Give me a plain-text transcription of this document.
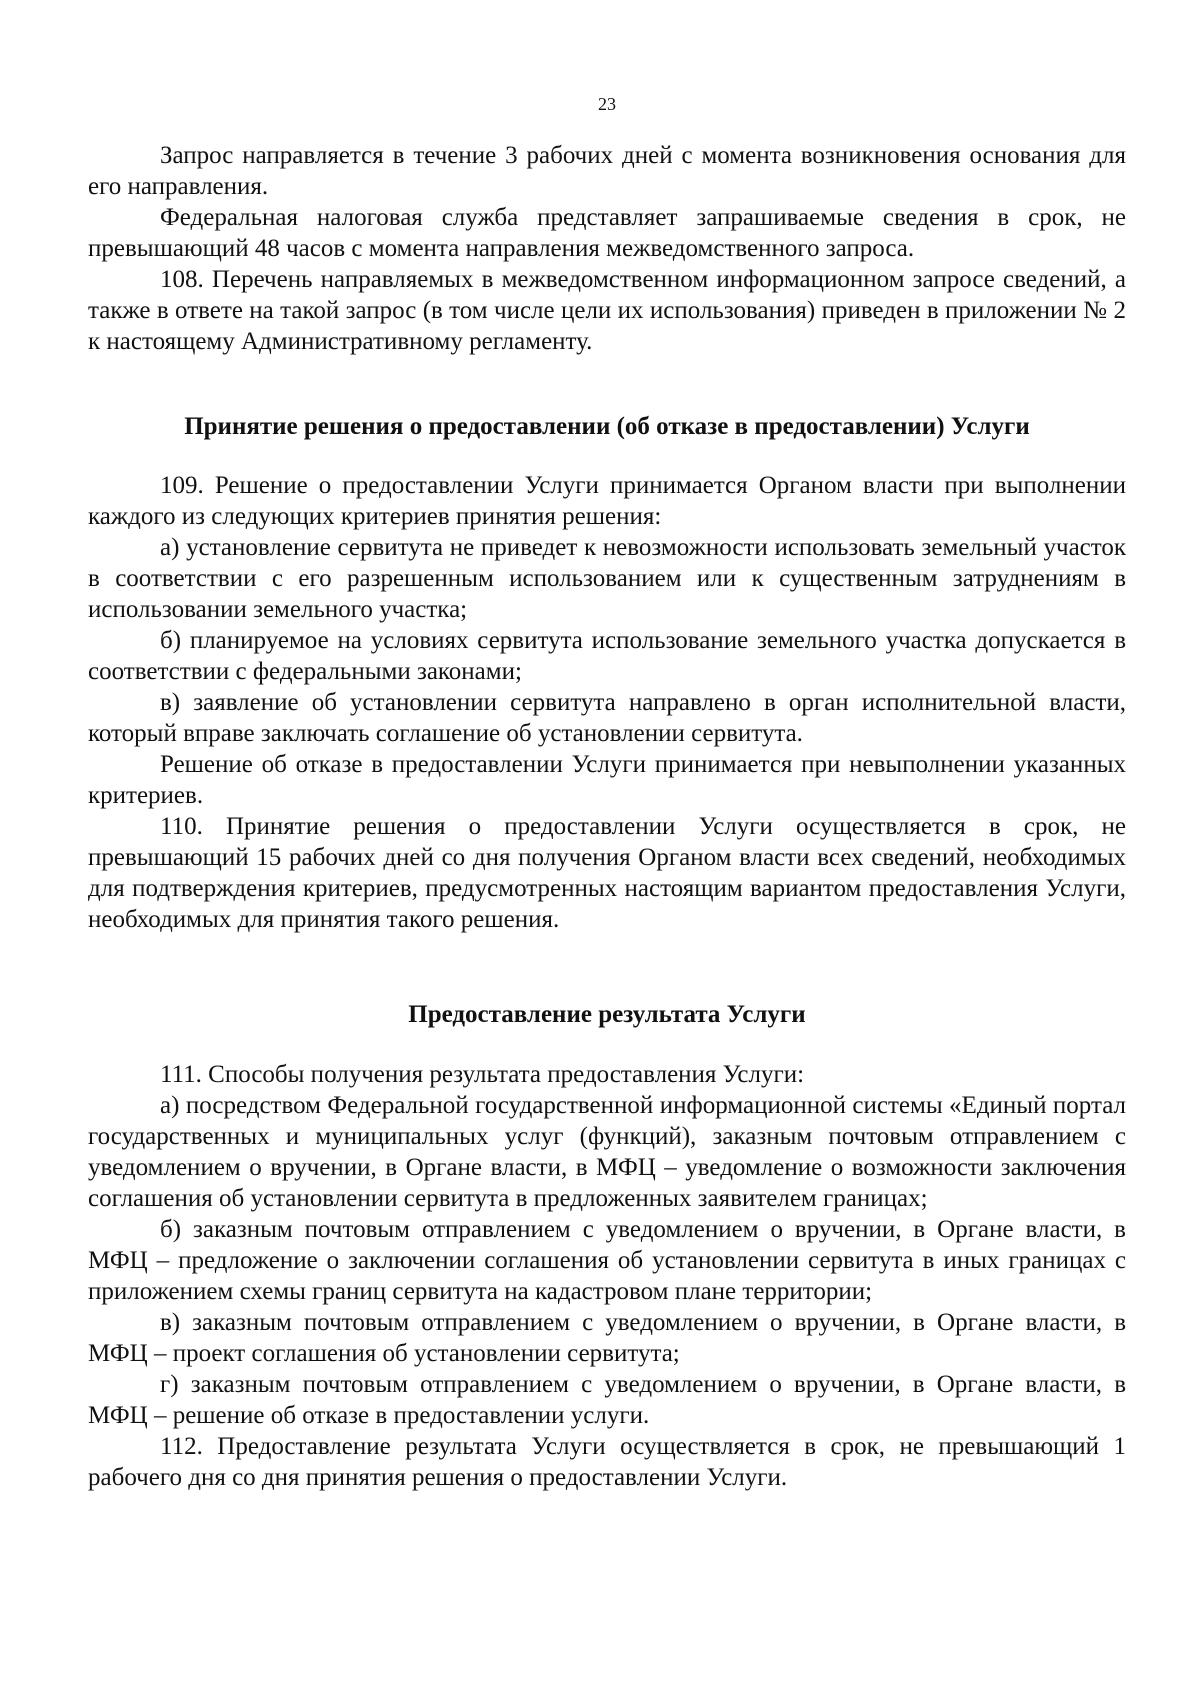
23

Запрос направляется в течение 3 рабочих дней с момента возникновения основания для его направления.

Федеральная налоговая служба представляет запрашиваемые сведения в срок, не превышающий 48 часов с момента направления межведомственного запроса.

108. Перечень направляемых в межведомственном информационном запросе сведений, а также в ответе на такой запрос (в том числе цели их использования) приведен в приложении № 2 к настоящему Административному регламенту.

Принятие решения о предоставлении (об отказе в предоставлении) Услуги

109. Решение о предоставлении Услуги принимается Органом власти при выполнении каждого из следующих критериев принятия решения:

а) установление сервитута не приведет к невозможности использовать земельный участок в соответствии с его разрешенным использованием или к существенным затруднениям в использовании земельного участка;

б) планируемое на условиях сервитута использование земельного участка допускается в соответствии с федеральными законами;

в) заявление об установлении сервитута направлено в орган исполнительной власти, который вправе заключать соглашение об установлении сервитута.

Решение об отказе в предоставлении Услуги принимается при невыполнении указанных критериев.

110. Принятие решения о предоставлении Услуги осуществляется в срок, не превышающий 15 рабочих дней со дня получения Органом власти всех сведений, необходимых для подтверждения критериев, предусмотренных настоящим вариантом предоставления Услуги, необходимых для принятия такого решения.

Предоставление результата Услуги

111. Способы получения результата предоставления Услуги:

а) посредством Федеральной государственной информационной системы «Единый портал государственных и муниципальных услуг (функций), заказным почтовым отправлением с уведомлением о вручении, в Органе власти, в МФЦ – уведомление о возможности заключения соглашения об установлении сервитута в предложенных заявителем границах;

б) заказным почтовым отправлением с уведомлением о вручении, в Органе власти, в МФЦ – предложение о заключении соглашения об установлении сервитута в иных границах с приложением схемы границ сервитута на кадастровом плане территории;

в) заказным почтовым отправлением с уведомлением о вручении, в Органе власти, в МФЦ – проект соглашения об установлении сервитута;

г) заказным почтовым отправлением с уведомлением о вручении, в Органе власти, в МФЦ – решение об отказе в предоставлении услуги.

112. Предоставление результата Услуги осуществляется в срок, не превышающий 1 рабочего дня со дня принятия решения о предоставлении Услуги.
